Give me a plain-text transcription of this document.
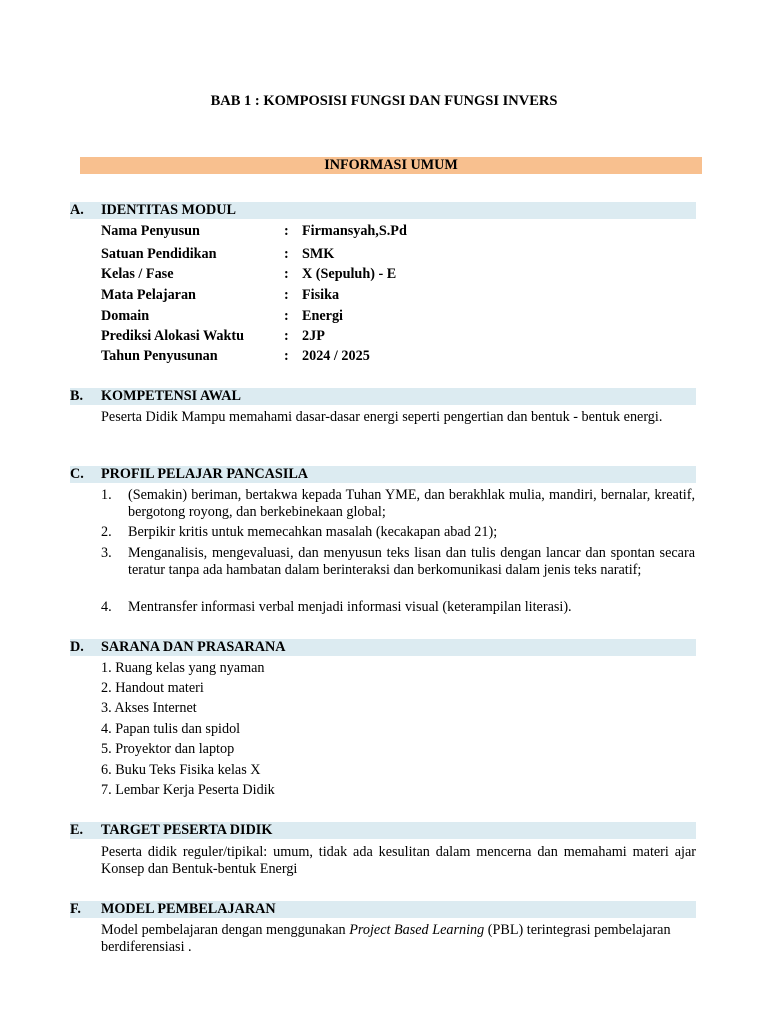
BAB 1 : KOMPOSISI FUNGSI DAN FUNGSI INVERS
INFORMASI UMUM
A. IDENTITAS MODUL
Nama Penyusun	: Firmansyah,S.Pd
Satuan Pendidikan	: SMK
Kelas / Fase	: X (Sepuluh) - E
Mata Pelajaran	: Fisika
Domain	: Energi
Prediksi Alokasi Waktu	: 2JP
Tahun Penyusunan	: 2024 / 2025
B. KOMPETENSI AWAL
Peserta Didik Mampu memahami dasar-dasar energi seperti pengertian dan bentuk - bentuk energi.
C. PROFIL PELAJAR PANCASILA
1. (Semakin) beriman, bertakwa kepada Tuhan YME, dan berakhlak mulia, mandiri, bernalar, kreatif, bergotong royong, dan berkebinekaan global;
2. Berpikir kritis untuk memecahkan masalah (kecakapan abad 21);
3. Menganalisis, mengevaluasi, dan menyusun teks lisan dan tulis dengan lancar dan spontan secara teratur tanpa ada hambatan dalam berinteraksi dan berkomunikasi dalam jenis teks naratif;
4. Mentransfer informasi verbal menjadi informasi visual (keterampilan literasi).
D. SARANA DAN PRASARANA
1. Ruang kelas yang nyaman
2. Handout materi
3. Akses Internet
4. Papan tulis dan spidol
5. Proyektor dan laptop
6. Buku Teks Fisika kelas X
7. Lembar Kerja Peserta Didik
E. TARGET PESERTA DIDIK
Peserta didik reguler/tipikal: umum, tidak ada kesulitan dalam mencerna dan memahami materi ajar Konsep dan Bentuk-bentuk Energi
F. MODEL PEMBELAJARAN
Model pembelajaran dengan menggunakan Project Based Learning (PBL) terintegrasi pembelajaran berdiferensiasi .
